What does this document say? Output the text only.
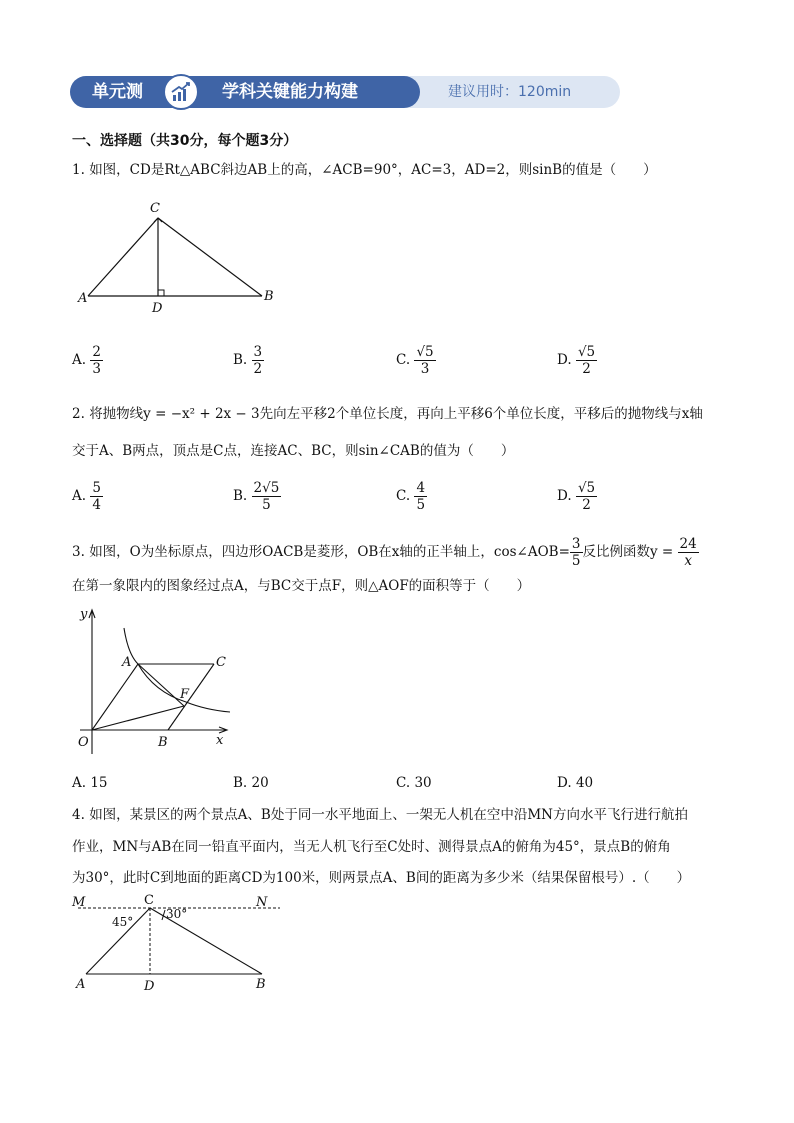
单元测	学科关键能力构建	建议用时：120min
一、选择题（共30分，每个题3分）
1. 如图，CD是Rt△ABC斜边AB上的高，∠ACB=90°，AC=3，AD=2，则sinB的值是（　　）
C
A
D
B
A. $\frac{2}{3}$	B. $\frac{3}{2}$	C. $\frac{√5}{3}$	D. $\frac{√5}{2}$
2. 将抛物线y = −x² + 2x − 3先向左平移2个单位长度，再向上平移6个单位长度，平移后的抛物线与x轴
交于A、B两点，顶点是C点，连接AC、BC，则sin∠CAB的值为（　　）
A. $\frac{5}{4}$	B. $\frac{2√5}{5}$	C. $\frac{4}{5}$	D. $\frac{√5}{2}$
3. 如图，O为坐标原点，四边形OACB是菱形，OB在x轴的正半轴上，cos∠AOB= $\frac{3}{5}$ 反比例函数$y = \frac{24}{x}$
在第一象限内的图象经过点A，与BC交于点F，则△AOF的面积等于（　　）
y
x
O
A	C
F
B
A. 15	B. 20	C. 30	D. 40
4. 如图，某景区的两个景点A、B处于同一水平地面上、一架无人机在空中沿MN方向水平飞行进行航拍
作业，MN与AB在同一铅直平面内，当无人机飞行至C处时、测得景点A的俯角为45°，景点B的俯角
为30°，此时C到地面的距离CD为100米，则两景点A、B间的距离为多少米（结果保留根号）.（　　）
M	C	N
45°
30°
A	D	B
